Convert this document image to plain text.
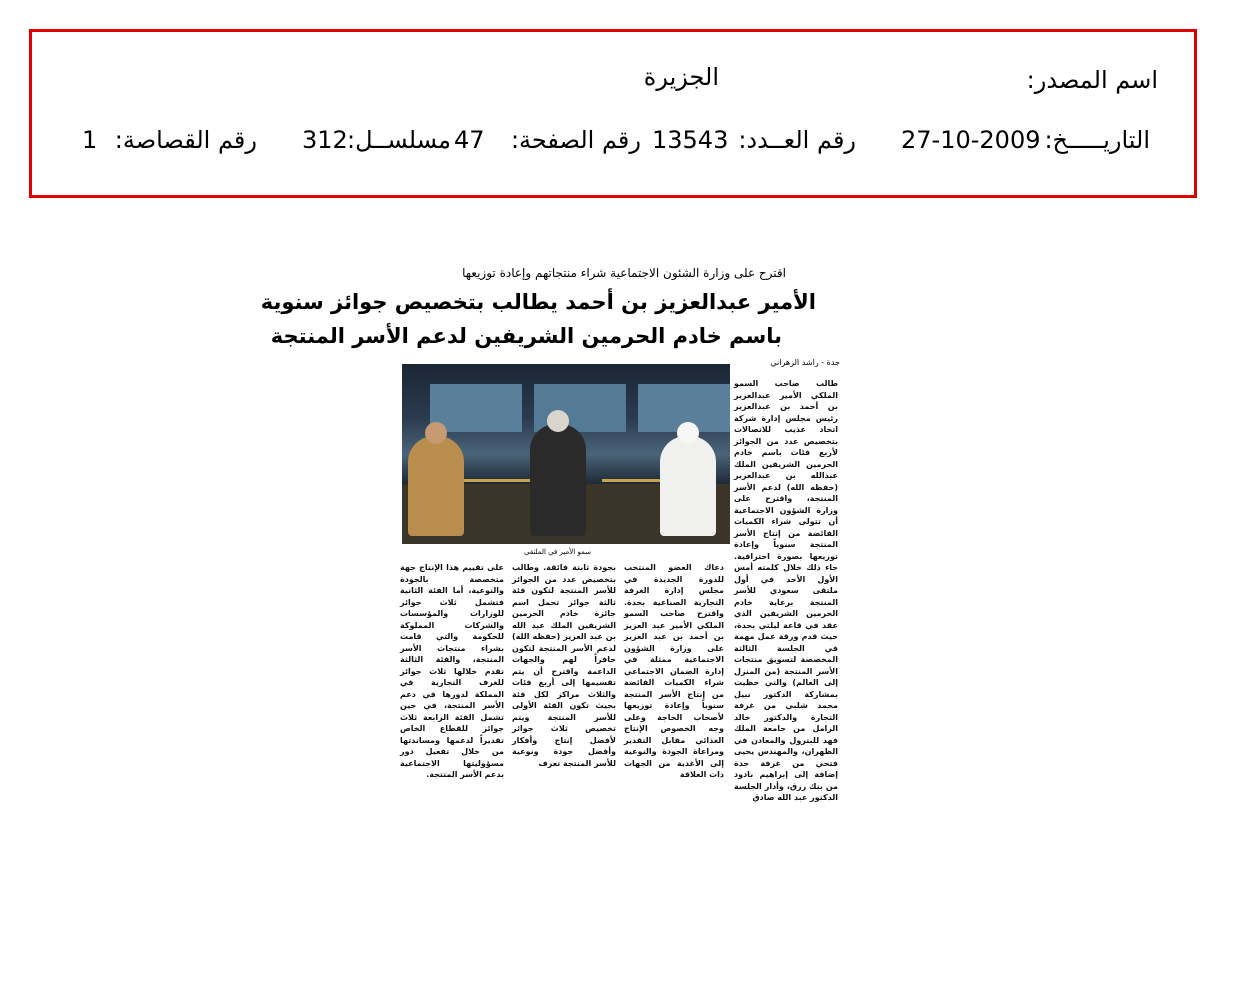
اسم المصدر:
الجزيرة
التاريـــــخ:
27-10-2009
رقم العــدد:
13543
رقم الصفحة:
47
مسلســل:
312
رقم القصاصة:
1
اقترح على وزارة الشئون الاجتماعية شراء منتجاتهم وإعادة توزيعها
الأمير عبدالعزيز بن أحمد يطالب بتخصيص جوائز سنوية
باسم خادم الحرمين الشريفين لدعم الأسر المنتجة
جدة - راشد الزهراني
سمو الأمير في الملتقى
طالب صاحب السمو الملكي الأمير عبدالعزيز بن أحمد بن عبدالعزيز رئيس مجلس إدارة شركة اتحاد عذيب للاتصالات بتخصيص عدد من الجوائز لأربع فئات باسم خادم الحرمين الشريفين الملك عبدالله بن عبدالعزيز (حفظه الله) لدعم الأسر المنتجة، واقترح على وزارة الشؤون الاجتماعية أن تتولى شراء الكميات الفائضة من إنتاج الأسر المنتجة سنوياً وإعادة توزيعها بصورة احترافية. جاء ذلك خلال كلمته أمس الأول الأحد في أول ملتقى سعودي للأسر المنتجة برعاية خادم الحرمين الشريفين الذي عقد في قاعة ليلتي بجدة، حيث قدم ورقة عمل مهمة في الجلسة الثالثة المخصصة لتسويق منتجات الأسر المنتجة (من المنزل إلى العالم) والتي حظيت بمشاركة الدكتور نبيل محمد شلبي من غرفة التجارة والدكتور خالد الزامل من جامعة الملك فهد للبترول والمعادن في الظهران، والمهندس يحيى فتحي من غرفة جدة إضافة إلى إبراهيم بادود من بنك رزق، وأدار الجلسة الدكتور عبد الله صادق
دعاك العضو المنتخب للدورة الجديدة في مجلس إدارة الغرفة التجارية الصناعية بجدة. واقترح صاحب السمو الملكي الأمير عبد العزيز بن أحمد بن عبد العزيز على وزارة الشؤون الاجتماعية ممثلة في إدارة الضمان الاجتماعي شراء الكميات الفائضة من إنتاج الأسر المنتجة سنوياً وإعادة توزيعها لأصحاب الحاجة وعلى وجه الخصوص الإنتاج الغذائي مقابل التقدير ومراعاة الجودة والنوعية إلى الأغذية من الجهات ذات العلاقة
بجودة ثابتة فائقة. وطالب بتخصيص عدد من الجوائز للأسر المنتجة لتكون فئة ثالثة جوائز تحمل اسم جائزة خادم الحرمين الشريفين الملك عبد الله بن عبد العزيز (حفظه الله) لدعم الأسر المنتجة لتكون حافزاً لهم والجهات الداعمة واقترح أن يتم تقسيمها إلى أربع فئات والثلاث مراكز لكل فئة بحيث تكون الفئة الأولى للأسر المنتجة ويتم تخصيص ثلاث جوائز لأفضل إنتاج وأفكار وأفضل جودة ونوعية للأسر المنتجة تعرف
على تقييم هذا الإنتاج جهة متخصصة بالجودة والنوعية، أما الفئة الثانية فتشمل ثلاث جوائز للوزارات والمؤسسات والشركات المملوكة للحكومة والتي قامت بشراء منتجات الأسر المنتجة، والفئة الثالثة تقدم خلالها ثلاث جوائز للغرف التجارية في المملكة لدورها في دعم الأسر المنتجة، في حين تشمل الفئة الرابعة ثلاث جوائز للقطاع الخاص تقديراً لدعمها ومساندتها من خلال تفعيل دور مسؤوليتها الاجتماعية بدعم الأسر المنتجة.
